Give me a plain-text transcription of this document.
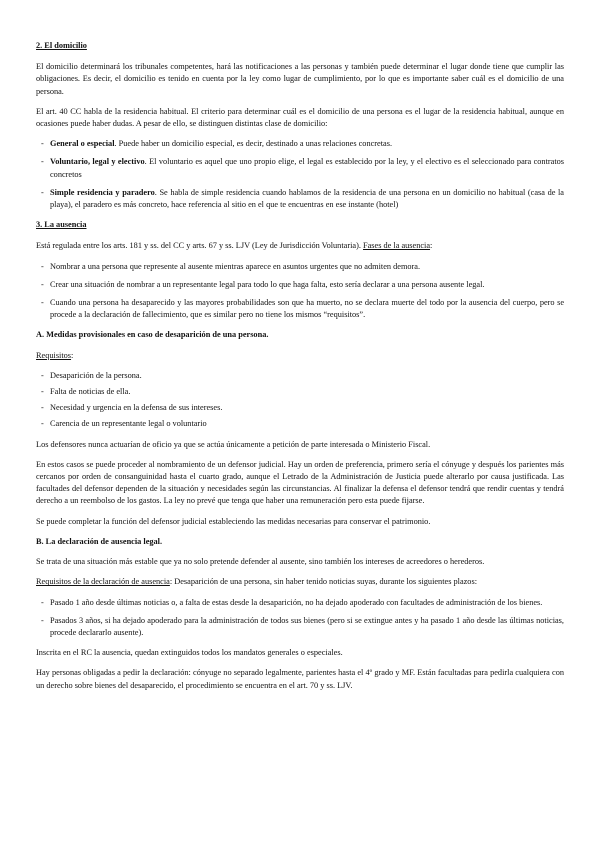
2. El domicilio

El domicilio determinará los tribunales competentes, hará las notificaciones a las personas y también puede determinar el lugar donde tiene que cumplir las obligaciones. Es decir, el domicilio es tenido en cuenta por la ley como lugar de cumplimiento, por lo que es importante saber cuál es el domicilio de una persona.

El art. 40 CC habla de la residencia habitual. El criterio para determinar cuál es el domicilio de una persona es el lugar de la residencia habitual, aunque en ocasiones puede haber dudas. A pesar de ello, se distinguen distintas clase de domicilio:

- General o especial. Puede haber un domicilio especial, es decir, destinado a unas relaciones concretas.
- Voluntario, legal y electivo. El voluntario es aquel que uno propio elige, el legal es establecido por la ley, y el electivo es el seleccionado para contratos concretos
- Simple residencia y paradero. Se habla de simple residencia cuando hablamos de la residencia de una persona en un domicilio no habitual (casa de la playa), el paradero es más concreto, hace referencia al sitio en el que te encuentras en ese instante (hotel)
3. La ausencia

Está regulada entre los arts. 181 y ss. del CC y arts. 67 y ss. LJV (Ley de Jurisdicción Voluntaria). Fases de la ausencia:

- Nombrar a una persona que represente al ausente mientras aparece en asuntos urgentes que no admiten demora.
- Crear una situación de nombrar a un representante legal para todo lo que haga falta, esto sería declarar a una persona ausente legal.
- Cuando una persona ha desaparecido y las mayores probabilidades son que ha muerto, no se declara muerte del todo por la ausencia del cuerpo, pero se procede a la declaración de fallecimiento, que es similar pero no tiene los mismos “requisitos”.
A. Medidas provisionales en caso de desaparición de una persona.

Requisitos:

- Desaparición de la persona.
- Falta de noticias de ella.
- Necesidad y urgencia en la defensa de sus intereses.
- Carencia de un representante legal o voluntario

Los defensores nunca actuarían de oficio ya que se actúa únicamente a petición de parte interesada o Ministerio Fiscal.

En estos casos se puede proceder al nombramiento de un defensor judicial. Hay un orden de preferencia, primero sería el cónyuge y después los parientes más cercanos por orden de consanguinidad hasta el cuarto grado, aunque el Letrado de la Administración de Justicia puede alterarlo por causa justificada. Las facultades del defensor dependen de la situación y necesidades según las circunstancias. Al finalizar la defensa el defensor tendrá que rendir cuentas y tendrá derecho a un reembolso de los gastos. La ley no prevé que tenga que haber una remuneración pero esta puede fijarse.

Se puede completar la función del defensor judicial estableciendo las medidas necesarias para conservar el patrimonio.

B. La declaración de ausencia legal.

Se trata de una situación más estable que ya no solo pretende defender al ausente, sino también los intereses de acreedores o herederos.

Requisitos de la declaración de ausencia: Desaparición de una persona, sin haber tenido noticias suyas, durante los siguientes plazos:

- Pasado 1 año desde últimas noticias o, a falta de estas desde la desaparición, no ha dejado apoderado con facultades de administración de los bienes.
- Pasados 3 años, si ha dejado apoderado para la administración de todos sus bienes (pero si se extingue antes y ha pasado 1 año desde las últimas noticias, procede declararlo ausente).

Inscrita en el RC la ausencia, quedan extinguidos todos los mandatos generales o especiales.

Hay personas obligadas a pedir la declaración: cónyuge no separado legalmente, parientes hasta el 4º grado y MF. Están facultadas para pedirla cualquiera con un derecho sobre bienes del desaparecido, el procedimiento se encuentra en el art. 70 y ss. LJV.
